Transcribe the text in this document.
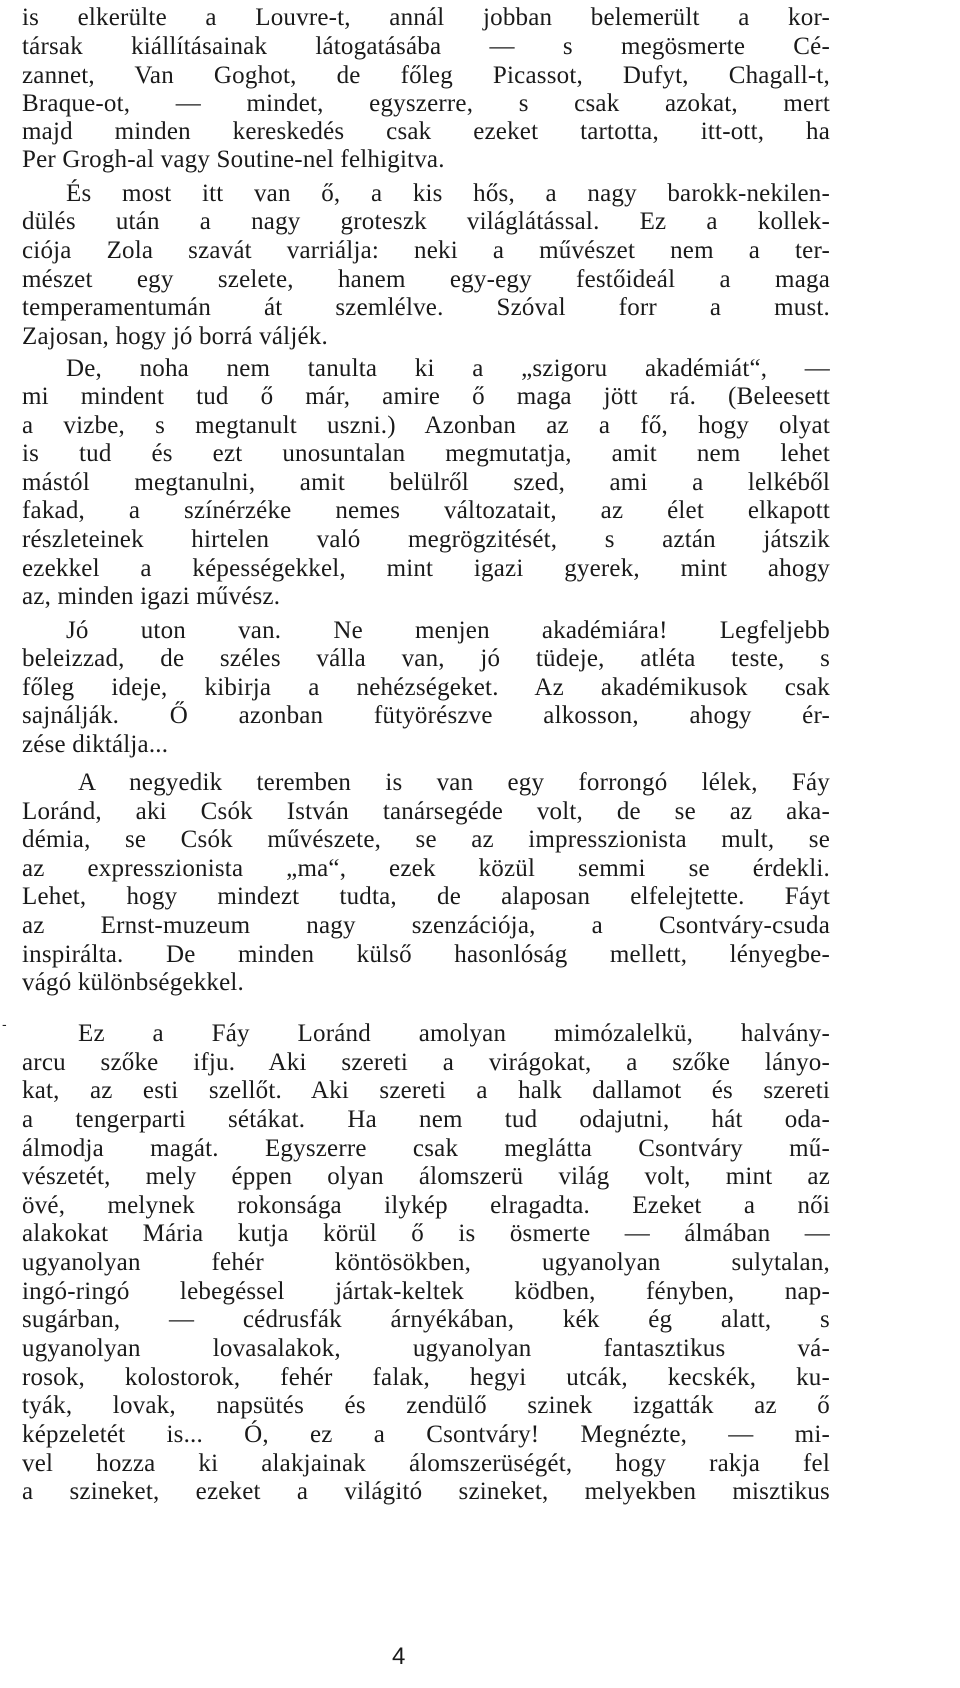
is elkerülte a Louvre-t, annál jobban belemerült a kor-
társak kiállításainak látogatásába — s megösmerte Cé-
zannet, Van Goghot, de főleg Picassot, Dufyt, Chagall-t,
Braque-ot, — mindet, egyszerre, s csak azokat, mert
majd minden kereskedés csak ezeket tartotta, itt-ott, ha
Per Grogh-al vagy Soutine-nel felhigitva.
És most itt van ő, a kis hős, a nagy barokk-nekilen-
dülés után a nagy groteszk világlátással. Ez a kollek-
ciója Zola szavát varriálja: neki a művészet nem a ter-
mészet egy szelete, hanem egy-egy festőideál a maga
temperamentumán át szemlélve. Szóval forr a must.
Zajosan, hogy jó borrá váljék.
De, noha nem tanulta ki a „szigoru akadémiát“, —
mi mindent tud ő már, amire ő maga jött rá. (Beleesett
a vizbe, s megtanult uszni.) Azonban az a fő, hogy olyat
is tud és ezt unosuntalan megmutatja, amit nem lehet
mástól megtanulni, amit belülről szed, ami a lelkéből
fakad, a színérzéke nemes változatait, az élet elkapott
részleteinek hirtelen való megrögzitését, s aztán játszik
ezekkel a képességekkel, mint igazi gyerek, mint ahogy
az, minden igazi művész.
Jó uton van. Ne menjen akadémiára! Legfeljebb
beleizzad, de széles válla van, jó tüdeje, atléta teste, s
főleg ideje, kibirja a nehézségeket. Az akadémikusok csak
sajnálják. Ő azonban fütyörészve alkosson, ahogy ér-
zése diktálja...
A negyedik teremben is van egy forrongó lélek, Fáy
Loránd, aki Csók István tanársegéde volt, de se az aka-
démia, se Csók művészete, se az impresszionista mult, se
az expresszionista „ma“, ezek közül semmi se érdekli.
Lehet, hogy mindezt tudta, de alaposan elfelejtette. Fáyt
az Ernst-muzeum nagy szenzációja, a Csontváry-csuda
inspirálta. De minden külső hasonlóság mellett, lényegbe-
vágó különbségekkel.
Ez a Fáy Loránd amolyan mimózalelkü, halvány-
arcu szőke ifju. Aki szereti a virágokat, a szőke lányo-
kat, az esti szellőt. Aki szereti a halk dallamot és szereti
a tengerparti sétákat. Ha nem tud odajutni, hát oda-
álmodja magát. Egyszerre csak meglátta Csontváry mű-
vészetét, mely éppen olyan álomszerü világ volt, mint az
övé, melynek rokonsága ilykép elragadta. Ezeket a női
alakokat Mária kutja körül ő is ösmerte — álmában —
ugyanolyan fehér köntösökben, ugyanolyan sulytalan,
ingó-ringó lebegéssel jártak-keltek ködben, fényben, nap-
sugárban, — cédrusfák árnyékában, kék ég alatt, s
ugyanolyan lovasalakok, ugyanolyan fantasztikus vá-
rosok, kolostorok, fehér falak, hegyi utcák, kecskék, ku-
tyák, lovak, napsütés és zendülő szinek izgatták az ő
képzeletét is... Ó, ez a Csontváry! Megnézte, — mi-
vel hozza ki alakjainak álomszerüségét, hogy rakja fel
a szineket, ezeket a világitó szineket, melyekben misztikus
-
4
